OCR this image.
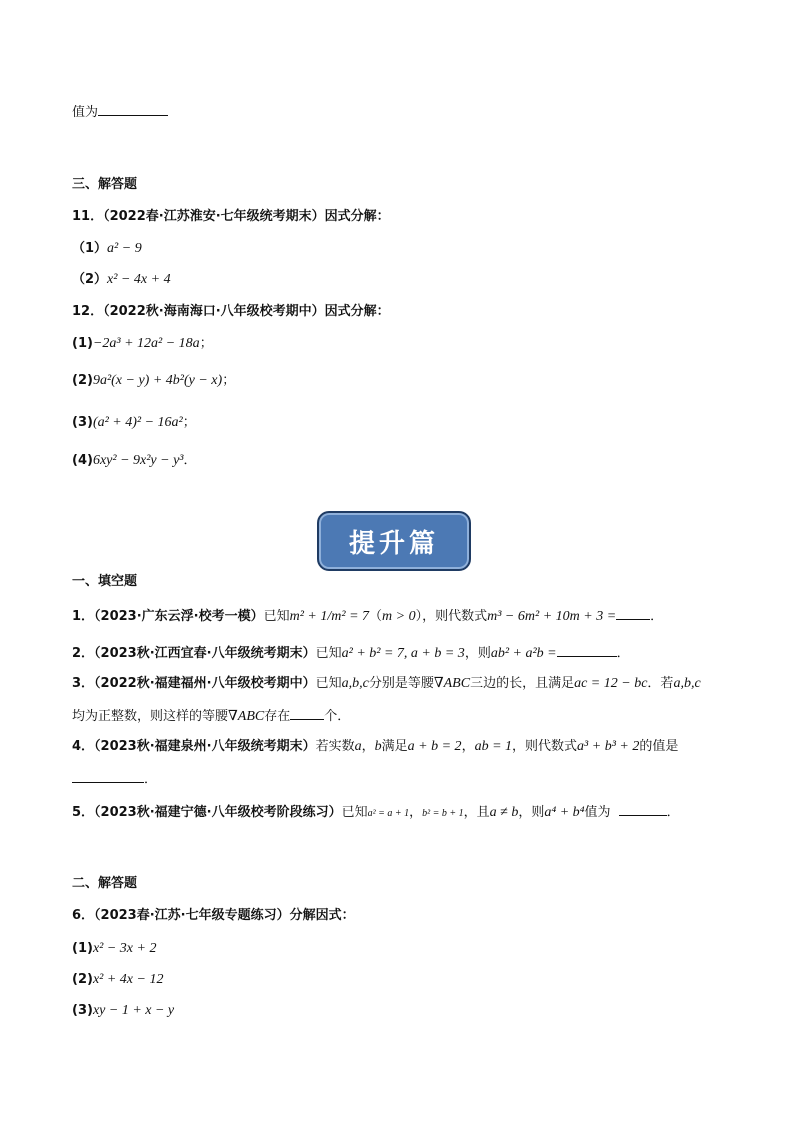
值为
三、解答题
11．（2022春·江苏淮安·七年级统考期末）因式分解：
（1）a² − 9
（2）x² − 4x + 4
12．（2022秋·海南海口·八年级校考期中）因式分解：
(1)−2a³ + 12a² − 18a；
(2)9a²(x − y) + 4b²(y − x)；
(3)(a² + 4)² − 16a²；
(4)6xy² − 9x²y − y³．
提升篇
一、填空题
1．（2023·广东云浮·校考一模）已知m² + 1/m² = 7（m > 0），则代数式m³ − 6m² + 10m + 3 =	．
2．（2023秋·江西宜春·八年级统考期末）已知a² + b² = 7, a + b = 3，则ab² + a²b =	．
3．（2022秋·福建福州·八年级校考期中）已知a,b,c分别是等腰∇ABC三边的长，且满足ac = 12 − bc．若a,b,c
均为正整数，则这样的等腰∇ABC存在	个．
4．（2023秋·福建泉州·八年级统考期末）若实数a，b满足a + b = 2，ab = 1，则代数式a³ + b³ + 2的值是
．
5．（2023秋·福建宁德·八年级校考阶段练习）已知a² = a + 1，b² = b + 1，且a ≠ b，则a⁴ + b⁴值为	．
二、解答题
6．（2023春·江苏·七年级专题练习）分解因式：
(1)x² − 3x + 2
(2)x² + 4x − 12
(3)xy − 1 + x − y
